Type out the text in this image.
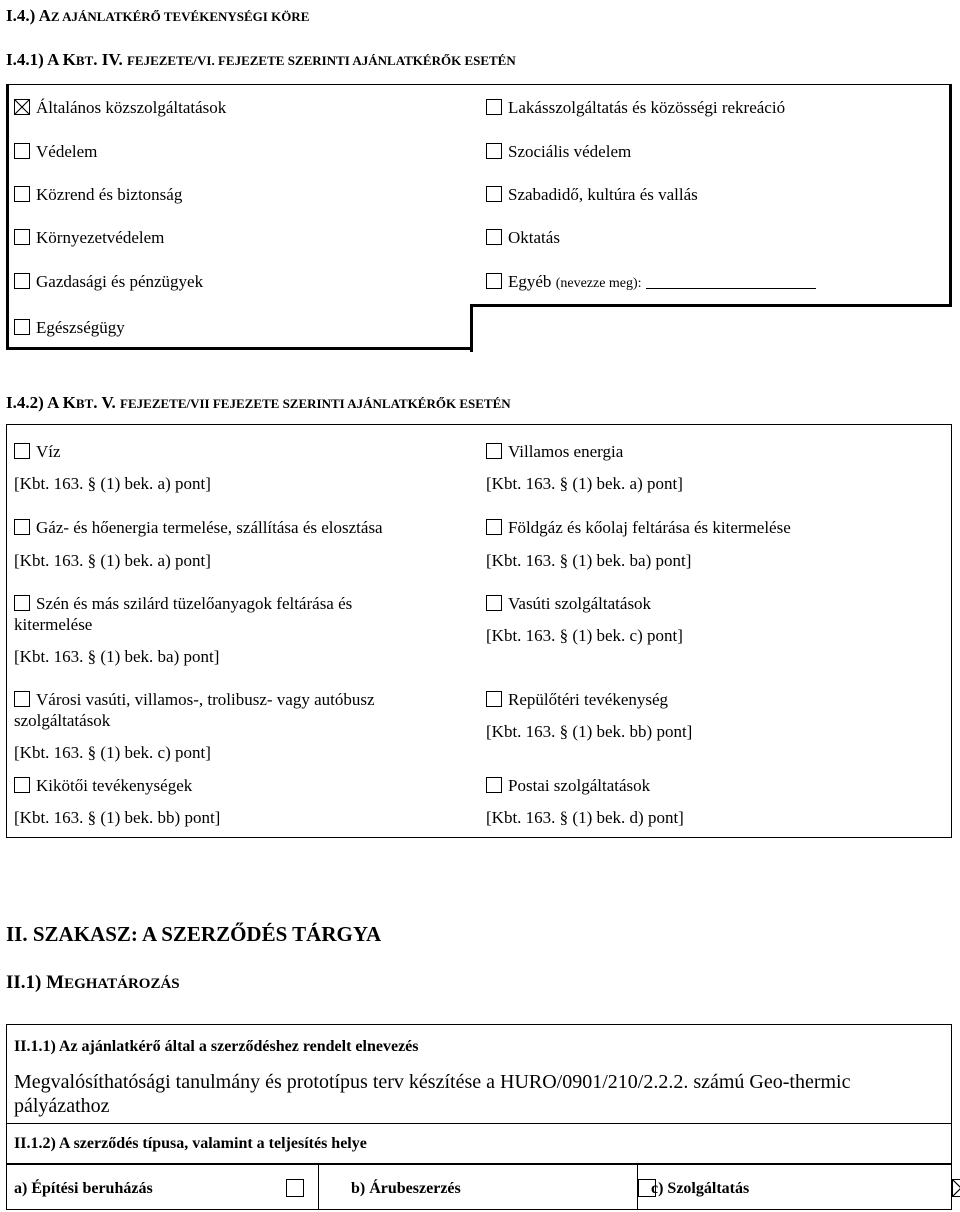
I.4.) AZ AJÁNLATKÉRŐ TEVÉKENYSÉGI KÖRE
I.4.1) A KBT. IV. FEJEZETE/VI. FEJEZETE SZERINTI AJÁNLATKÉRŐK ESETÉN
Általános közszolgáltatások
Védelem
Közrend és biztonság
Környezetvédelem
Gazdasági és pénzügyek
Egészségügy
Lakásszolgáltatás és közösségi rekreáció
Szociális védelem
Szabadidő, kultúra és vallás
Oktatás
Egyéb (nevezze meg):
I.4.2) A KBT. V. FEJEZETE/VII FEJEZETE SZERINTI AJÁNLATKÉRŐK ESETÉN
Víz
[Kbt. 163. § (1) bek. a) pont]
Gáz- és hőenergia termelése, szállítása és elosztása
[Kbt. 163. § (1) bek. a) pont]
Szén és más szilárd tüzelőanyagok feltárása és
kitermelése
[Kbt. 163. § (1) bek. ba) pont]
Városi vasúti, villamos-, trolibusz- vagy autóbusz
szolgáltatások
[Kbt. 163. § (1) bek. c) pont]
Kikötői tevékenységek
[Kbt. 163. § (1) bek. bb) pont]
Villamos energia
[Kbt. 163. § (1) bek. a) pont]
Földgáz és kőolaj feltárása és kitermelése
[Kbt. 163. § (1) bek. ba) pont]
Vasúti szolgáltatások
[Kbt. 163. § (1) bek. c) pont]
Repülőtéri tevékenység
[Kbt. 163. § (1) bek. bb) pont]
Postai szolgáltatások
[Kbt. 163. § (1) bek. d) pont]
II. SZAKASZ: A SZERZŐDÉS TÁRGYA
II.1) MEGHATÁROZÁS
II.1.1) Az ajánlatkérő által a szerződéshez rendelt elnevezés
Megvalósíthatósági tanulmány és prototípus terv készítése a HURO/0901/210/2.2.2. számú Geo-thermic pályázathoz
II.1.2) A szerződés típusa, valamint a teljesítés helye
a) Építési beruházás
	b) Árubeszerzés
	c) Szolgáltatás
